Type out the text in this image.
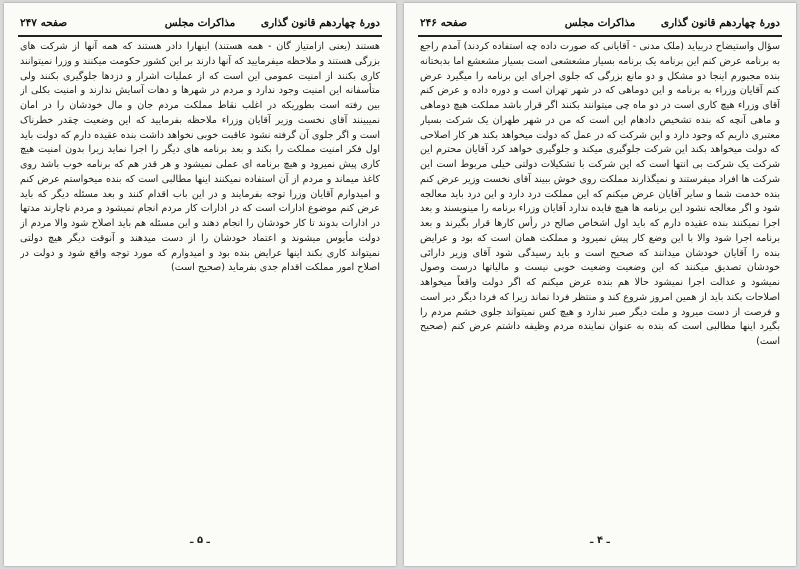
دورهٔ چهاردهم قانون گذاری
مذاکرات مجلس
صفحه ۲۴۶

سؤال واستیضاح دربیاید (ملک مدنی - آقایانی که صورت داده چه استفاده کردند) آمدم راجع به برنامه عرض کنم این برنامه یک برنامه بسیار مشعشعی است بسیار مشعشع اما بدبختانه بنده مجبورم اینجا دو مشکل و دو مانع بزرگی که جلوی اجرای این برنامه را میگیرد عرض کنم آقایان وزراء به برنامه و این دوماهی که در شهر تهران است و دوره داده و عرض کنم آقای وزراء هیچ کاری است در دو ماه چی میتوانند بکنند اگر قرار باشد مملکت هیچ دوماهی و ماهی آنچه که بنده تشخیص دادهام این است که من در شهر طهران یک شرکت بسیار معتبری داریم که وجود دارد و این شرکت که در عمل که دولت میخواهد بکند هر کار اصلاحی که دولت میخواهد بکند این شرکت جلوگیری میکند و جلوگیری خواهد کرد آقایان محترم این شرکت یک شرکت بی انتها است که این شرکت با تشکیلات دولتی خیلی مربوط است این شرکت ها افراد میفرستند و نمیگذارند مملکت روی خوش ببیند آقای نخست وزیر عرض کنم بنده خدمت شما و سایر آقایان عرض میکنم که این مملکت درد دارد و این درد باید معالجه شود و اگر معالجه نشود این برنامه ها هیچ فایده ندارد آقایان وزراء برنامه را مینویسند و بعد اجرا نمیکنند بنده عقیده دارم که باید اول اشخاص صالح در رأس کارها قرار بگیرند و بعد برنامه اجرا شود والا با این وضع کار پیش نمیرود و مملکت همان است که بود و عرایض بنده را آقایان خودشان میدانند که صحیح است و باید رسیدگی شود آقای وزیر دارائی خودشان تصدیق میکنند که این وضعیت وضعیت خوبی نیست و مالیاتها درست وصول نمیشود و عدالت اجرا نمیشود حالا هم بنده عرض میکنم که اگر دولت واقعاً میخواهد اصلاحات بکند باید از همین امروز شروع کند و منتظر فردا نماند زیرا که فردا دیگر دیر است و فرصت از دست میرود و ملت دیگر صبر ندارد و هیچ کس نمیتواند جلوی خشم مردم را بگیرد اینها مطالبی است که بنده به عنوان نماینده مردم وظیفه داشتم عرض کنم (صحیح است)

ـ ۴ ـ
دورهٔ چهاردهم قانون گذاری
مذاکرات مجلس
صفحه ۲۴۷

هستند (یعنی ازامتیاز گان - همه هستند) اینهارا دادر هستند که همه آنها از شرکت های بزرگی هستند و ملاحظه میفرمایید که آنها دارند بر این کشور حکومت میکنند و وزرا نمیتوانند کاری بکنند از امنیت عمومی این است که از عملیات اشرار و دزدها جلوگیری بکنند ولی متأسفانه این امنیت وجود ندارد و مردم در شهرها و دهات آسایش ندارند و امنیت بکلی از بین رفته است بطوریکه در اغلب نقاط مملکت مردم جان و مال خودشان را در امان نمیبینند آقای نخست وزیر آقایان وزراء ملاحظه بفرمایید که این وضعیت چقدر خطرناک است و اگر جلوی آن گرفته نشود عاقبت خوبی نخواهد داشت بنده عقیده دارم که دولت باید اول فکر امنیت مملکت را بکند و بعد برنامه های دیگر را اجرا نماید زیرا بدون امنیت هیچ کاری پیش نمیرود و هیچ برنامه ای عملی نمیشود و هر قدر هم که برنامه خوب باشد روی کاغذ میماند و مردم از آن استفاده نمیکنند اینها مطالبی است که بنده میخواستم عرض کنم و امیدوارم آقایان وزرا توجه بفرمایند و در این باب اقدام کنند و بعد مسئله دیگر که باید عرض کنم موضوع ادارات است که در ادارات کار مردم انجام نمیشود و مردم ناچارند مدتها در ادارات بدوند تا کار خودشان را انجام دهند و این مسئله هم باید اصلاح شود والا مردم از دولت مأیوس میشوند و اعتماد خودشان را از دست میدهند و آنوقت دیگر هیچ دولتی نمیتواند کاری بکند اینها عرایض بنده بود و امیدوارم که مورد توجه واقع شود و دولت در اصلاح امور مملکت اقدام جدی بفرماید (صحیح است)

ـ ۵ ـ
